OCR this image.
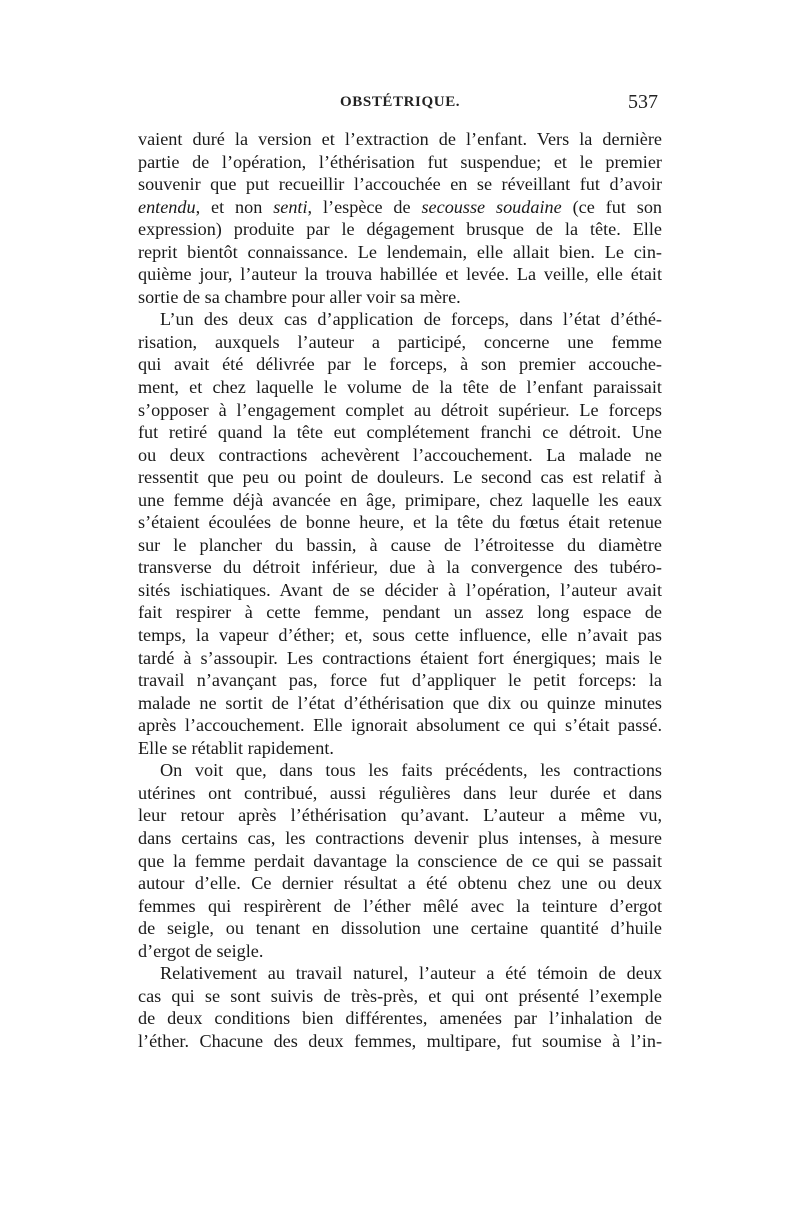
OBSTÉTRIQUE.	537
vaient duré la version et l’extraction de l’enfant. Vers la dernière
partie de l’opération, l’éthérisation fut suspendue; et le premier
souvenir que put recueillir l’accouchée en se réveillant fut d’avoir
entendu, et non senti, l’espèce de secousse soudaine (ce fut son
expression) produite par le dégagement brusque de la tête. Elle
reprit bientôt connaissance. Le lendemain, elle allait bien. Le cin-
quième jour, l’auteur la trouva habillée et levée. La veille, elle était
sortie de sa chambre pour aller voir sa mère.
L’un des deux cas d’application de forceps, dans l’état d’éthé-
risation, auxquels l’auteur a participé, concerne une femme
qui avait été délivrée par le forceps, à son premier accouche-
ment, et chez laquelle le volume de la tête de l’enfant paraissait
s’opposer à l’engagement complet au détroit supérieur. Le forceps
fut retiré quand la tête eut complétement franchi ce détroit. Une
ou deux contractions achevèrent l’accouchement. La malade ne
ressentit que peu ou point de douleurs. Le second cas est relatif à
une femme déjà avancée en âge, primipare, chez laquelle les eaux
s’étaient écoulées de bonne heure, et la tête du fœtus était retenue
sur le plancher du bassin, à cause de l’étroitesse du diamètre
transverse du détroit inférieur, due à la convergence des tubéro-
sités ischiatiques. Avant de se décider à l’opération, l’auteur avait
fait respirer à cette femme, pendant un assez long espace de
temps, la vapeur d’éther; et, sous cette influence, elle n’avait pas
tardé à s’assoupir. Les contractions étaient fort énergiques; mais le
travail n’avançant pas, force fut d’appliquer le petit forceps: la
malade ne sortit de l’état d’éthérisation que dix ou quinze minutes
après l’accouchement. Elle ignorait absolument ce qui s’était passé.
Elle se rétablit rapidement.
On voit que, dans tous les faits précédents, les contractions
utérines ont contribué, aussi régulières dans leur durée et dans
leur retour après l’éthérisation qu’avant. L’auteur a même vu,
dans certains cas, les contractions devenir plus intenses, à mesure
que la femme perdait davantage la conscience de ce qui se passait
autour d’elle. Ce dernier résultat a été obtenu chez une ou deux
femmes qui respirèrent de l’éther mêlé avec la teinture d’ergot
de seigle, ou tenant en dissolution une certaine quantité d’huile
d’ergot de seigle.
Relativement au travail naturel, l’auteur a été témoin de deux
cas qui se sont suivis de très-près, et qui ont présenté l’exemple
de deux conditions bien différentes, amenées par l’inhalation de
l’éther. Chacune des deux femmes, multipare, fut soumise à l’in-
